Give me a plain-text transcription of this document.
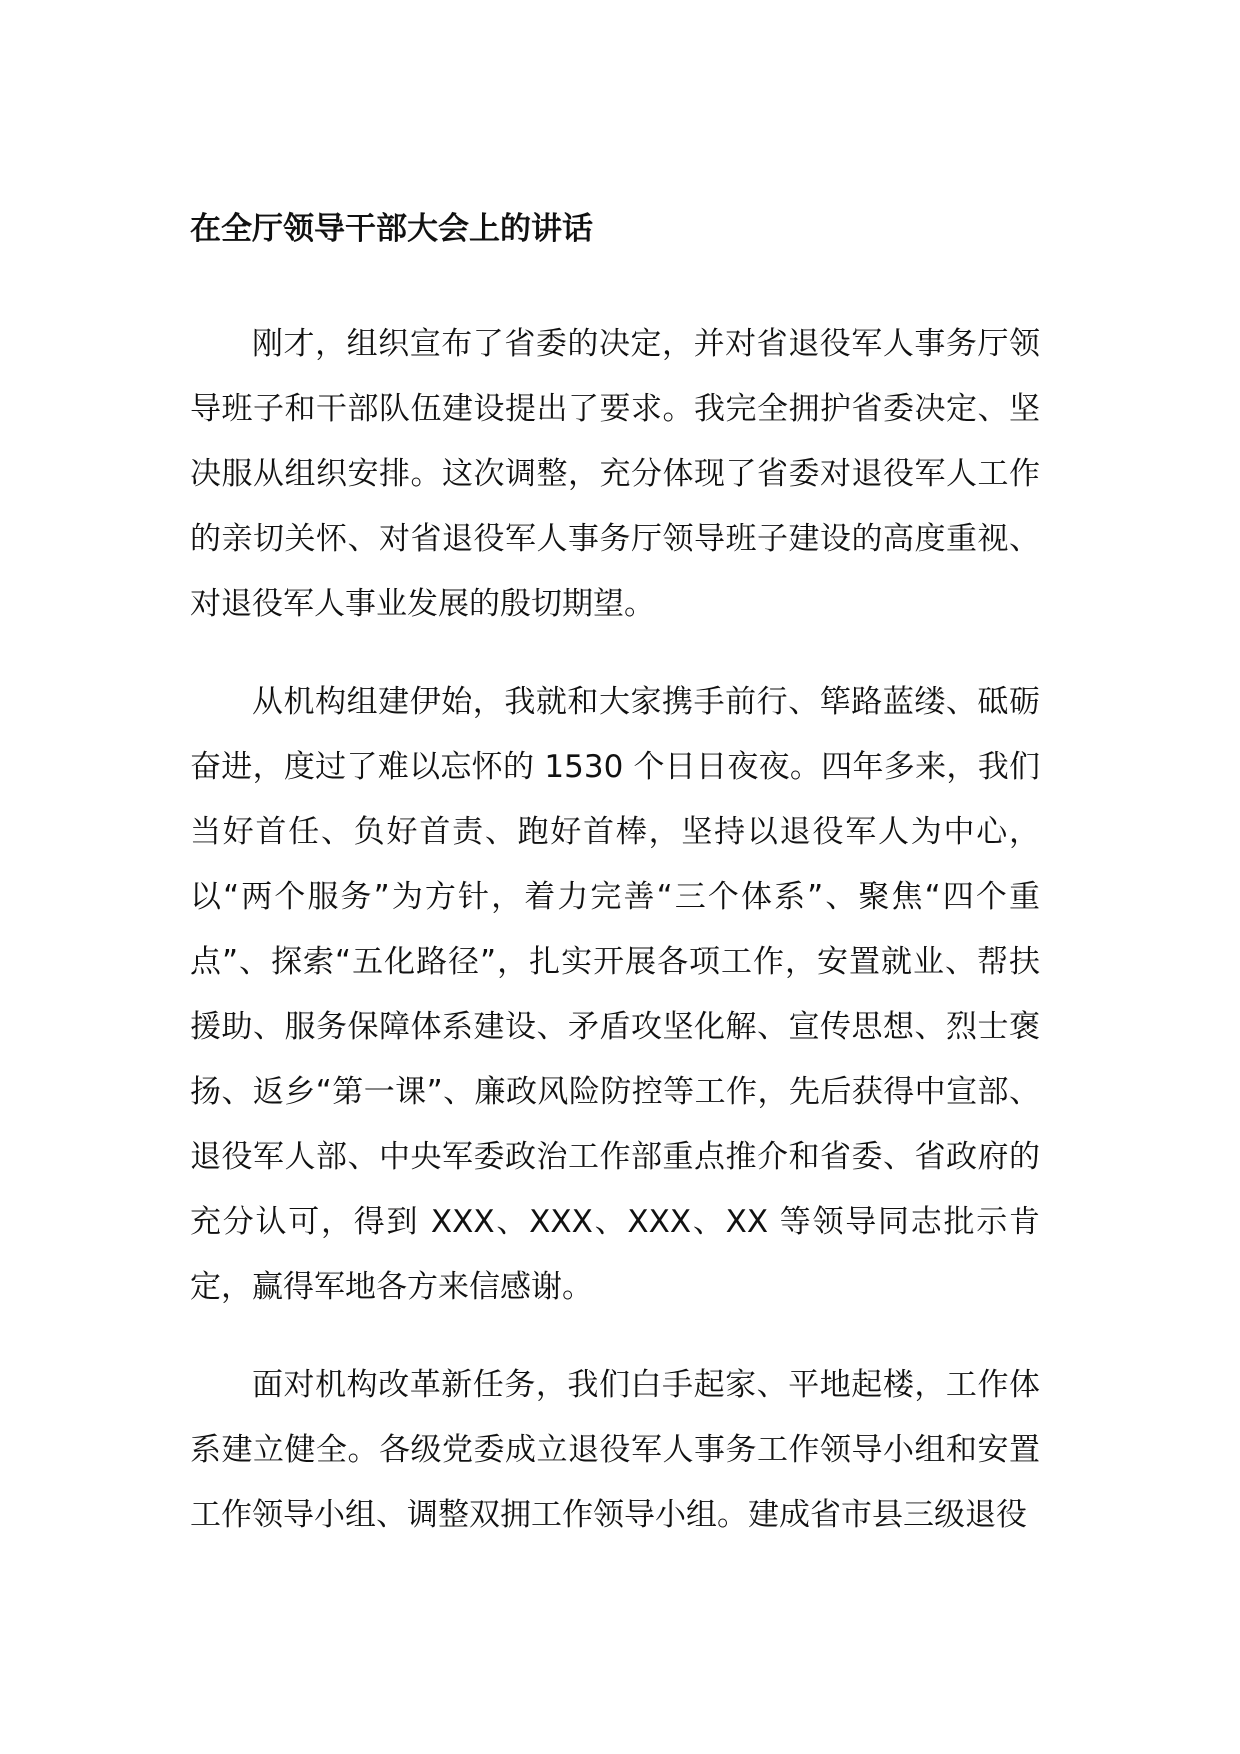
在全厅领导干部大会上的讲话

刚才，组织宣布了省委的决定，并对省退役军人事务厅领导班子和干部队伍建设提出了要求。我完全拥护省委决定、坚决服从组织安排。这次调整，充分体现了省委对退役军人工作的亲切关怀、对省退役军人事务厅领导班子建设的高度重视、对退役军人事业发展的殷切期望。

从机构组建伊始，我就和大家携手前行、筚路蓝缕、砥砺奋进，度过了难以忘怀的 1530 个日日夜夜。四年多来，我们当好首任、负好首责、跑好首棒，坚持以退役军人为中心，以“两个服务”为方针，着力完善“三个体系”、聚焦“四个重点”、探索“五化路径”，扎实开展各项工作，安置就业、帮扶援助、服务保障体系建设、矛盾攻坚化解、宣传思想、烈士褒扬、返乡“第一课”、廉政风险防控等工作，先后获得中宣部、退役军人部、中央军委政治工作部重点推介和省委、省政府的充分认可，得到 XXX、XXX、XXX、XX 等领导同志批示肯定，赢得军地各方来信感谢。

面对机构改革新任务，我们白手起家、平地起楼，工作体系建立健全。各级党委成立退役军人事务工作领导小组和安置工作领导小组、调整双拥工作领导小组。建成省市县三级退役
